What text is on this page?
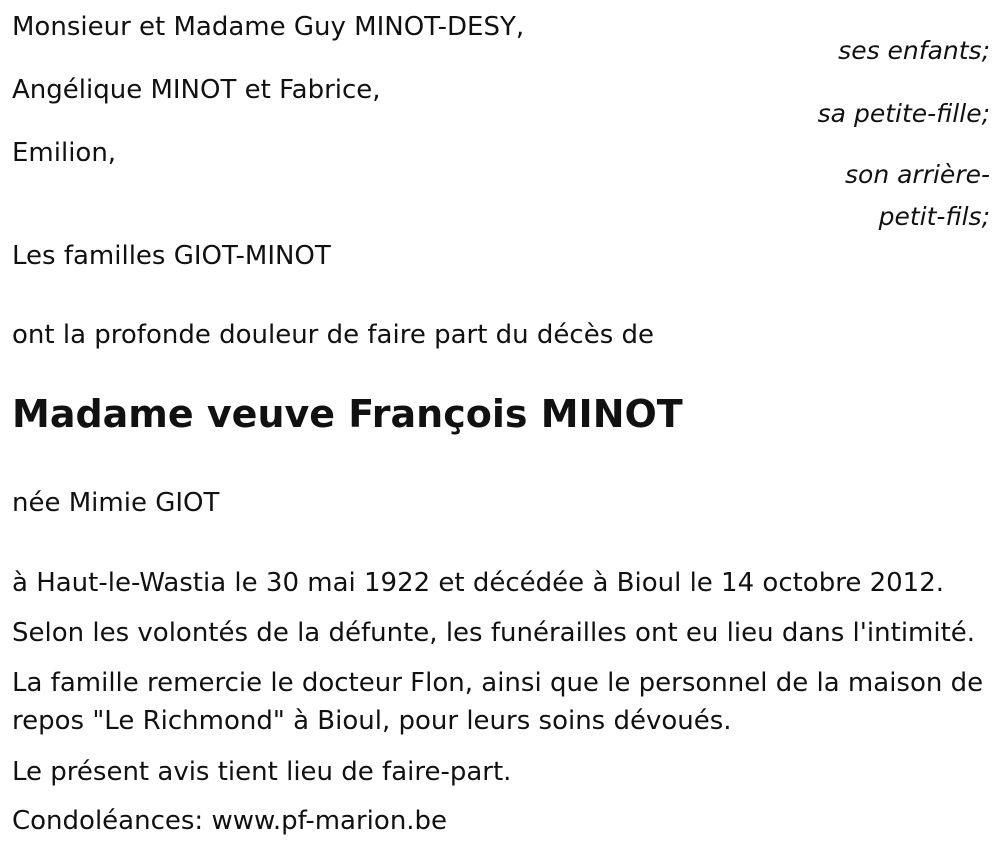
Monsieur et Madame Guy MINOT-DESY,
ses enfants;
Angélique MINOT et Fabrice,
sa petite-fille;
Emilion,
son arrière-
petit-fils;
Les familles GIOT-MINOT
ont la profonde douleur de faire part du décès de
Madame veuve François MINOT
née Mimie GIOT
à Haut-le-Wastia le 30 mai 1922 et décédée à Bioul le 14 octobre 2012.
Selon les volontés de la défunte, les funérailles ont eu lieu dans l'intimité.
La famille remercie le docteur Flon, ainsi que le personnel de la maison de repos "Le Richmond" à Bioul, pour leurs soins dévoués.
Le présent avis tient lieu de faire-part.
Condoléances: www.pf-marion.be
